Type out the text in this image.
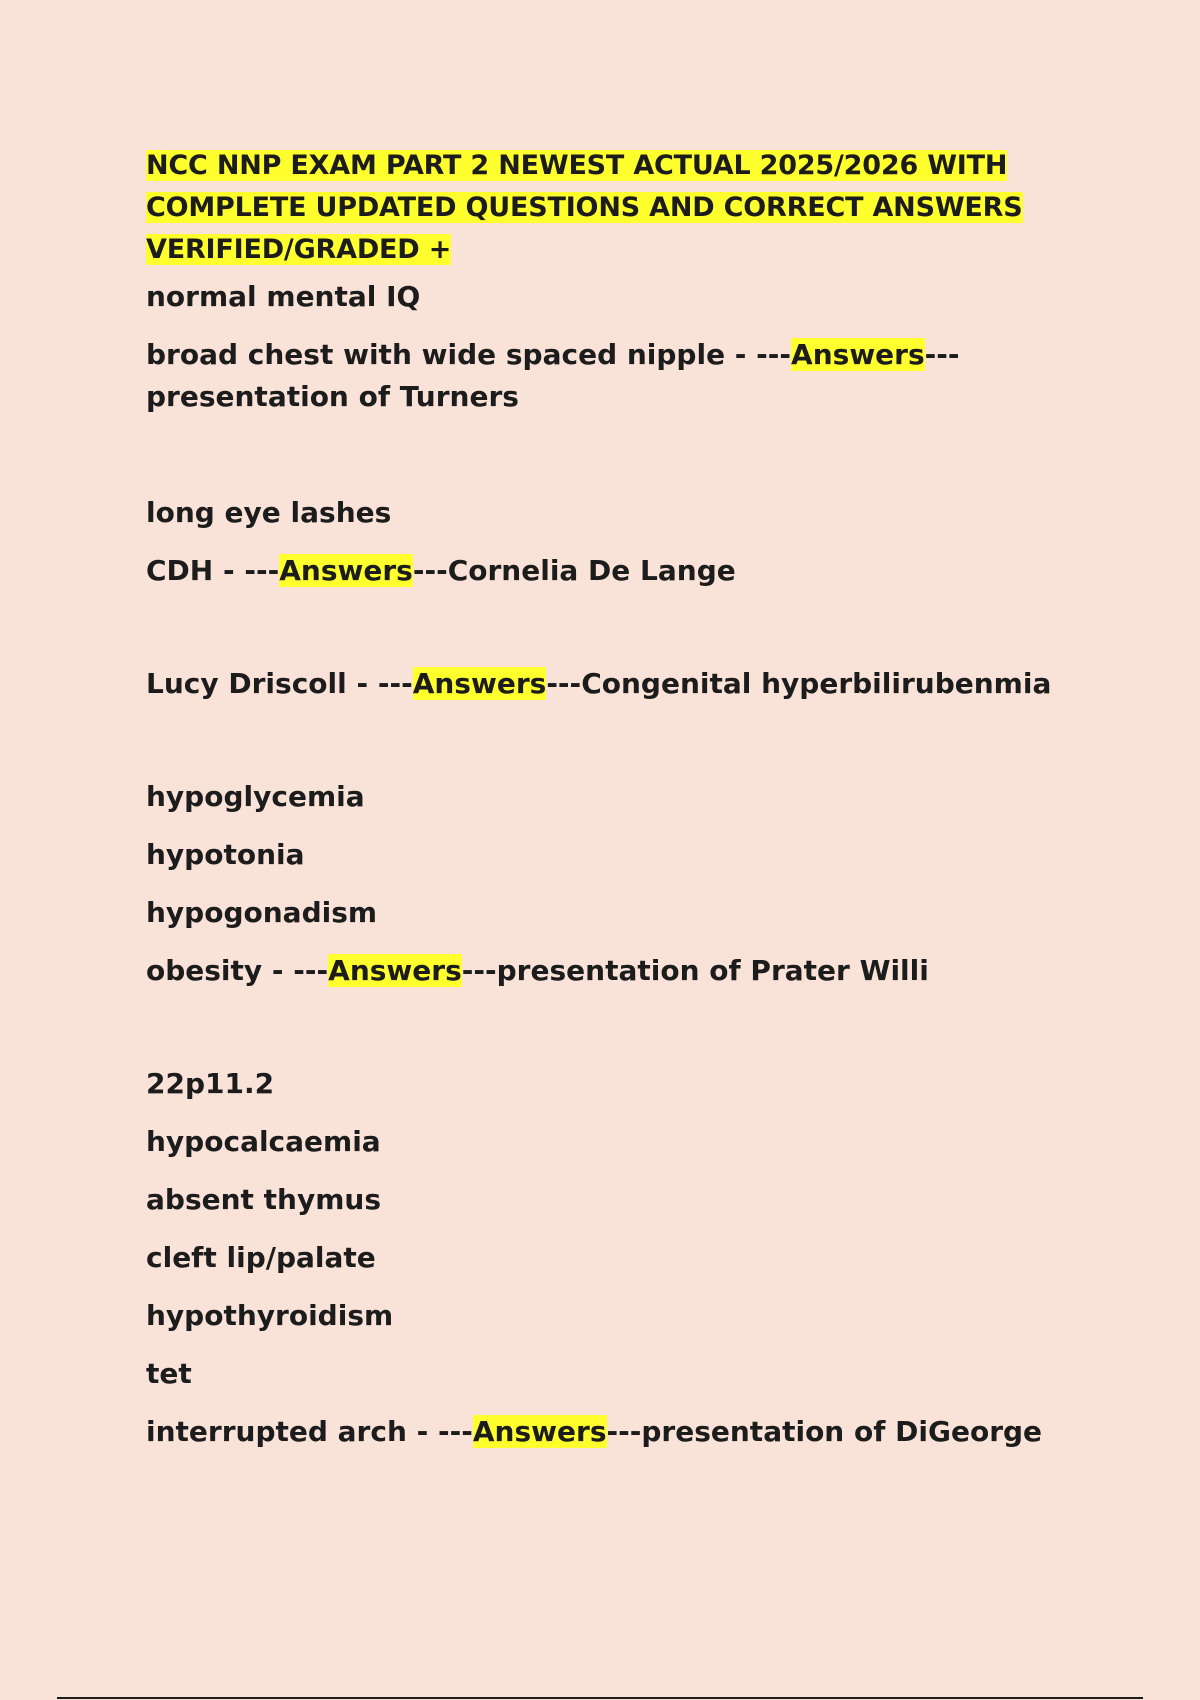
NCC NNP EXAM PART 2 NEWEST ACTUAL 2025/2026 WITH COMPLETE UPDATED QUESTIONS AND CORRECT ANSWERS VERIFIED/GRADED +
normal mental IQ
broad chest with wide spaced nipple - ---Answers---
presentation of Turners
long eye lashes
CDH - ---Answers---Cornelia De Lange
Lucy Driscoll - ---Answers---Congenital hyperbilirubenmia
hypoglycemia
hypotonia
hypogonadism
obesity - ---Answers---presentation of Prater Willi
22p11.2
hypocalcaemia
absent thymus
cleft lip/palate
hypothyroidism
tet
interrupted arch - ---Answers---presentation of DiGeorge
